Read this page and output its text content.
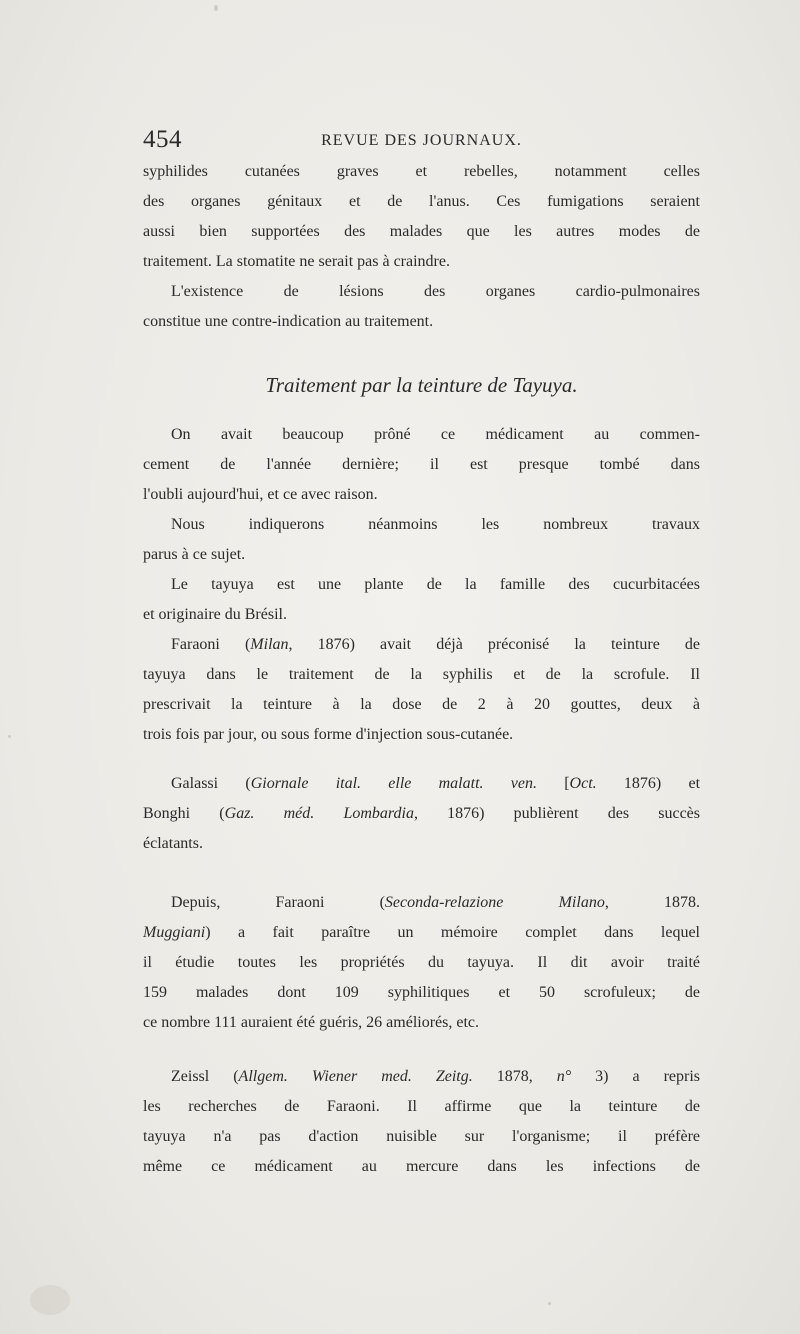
454	REVUE DES JOURNAUX.
syphilides cutanées graves et rebelles, notamment celles
des organes génitaux et de l'anus. Ces fumigations seraient
aussi bien supportées des malades que les autres modes de
traitement. La stomatite ne serait pas à craindre.
L'existence de lésions des organes cardio-pulmonaires
constitue une contre-indication au traitement.
Traitement par la teinture de Tayuya.
On avait beaucoup prôné ce médicament au commen-
cement de l'année dernière; il est presque tombé dans
l'oubli aujourd'hui, et ce avec raison.
Nous indiquerons néanmoins les nombreux travaux
parus à ce sujet.
Le tayuya est une plante de la famille des cucurbitacées
et originaire du Brésil.
Faraoni (Milan, 1876) avait déjà préconisé la teinture de
tayuya dans le traitement de la syphilis et de la scrofule. Il
prescrivait la teinture à la dose de 2 à 20 gouttes, deux à
trois fois par jour, ou sous forme d'injection sous-cutanée.
Galassi (Giornale ital. elle malatt. ven. [Oct. 1876) et
Bonghi (Gaz. méd. Lombardia, 1876) publièrent des succès
éclatants.
Depuis, Faraoni (Seconda-relazione Milano, 1878.
Muggiani) a fait paraître un mémoire complet dans lequel
il étudie toutes les propriétés du tayuya. Il dit avoir traité
159 malades dont 109 syphilitiques et 50 scrofuleux; de
ce nombre 111 auraient été guéris, 26 améliorés, etc.
Zeissl (Allgem. Wiener med. Zeitg. 1878, n° 3) a repris
les recherches de Faraoni. Il affirme que la teinture de
tayuya n'a pas d'action nuisible sur l'organisme; il préfère
même ce médicament au mercure dans les infections de
